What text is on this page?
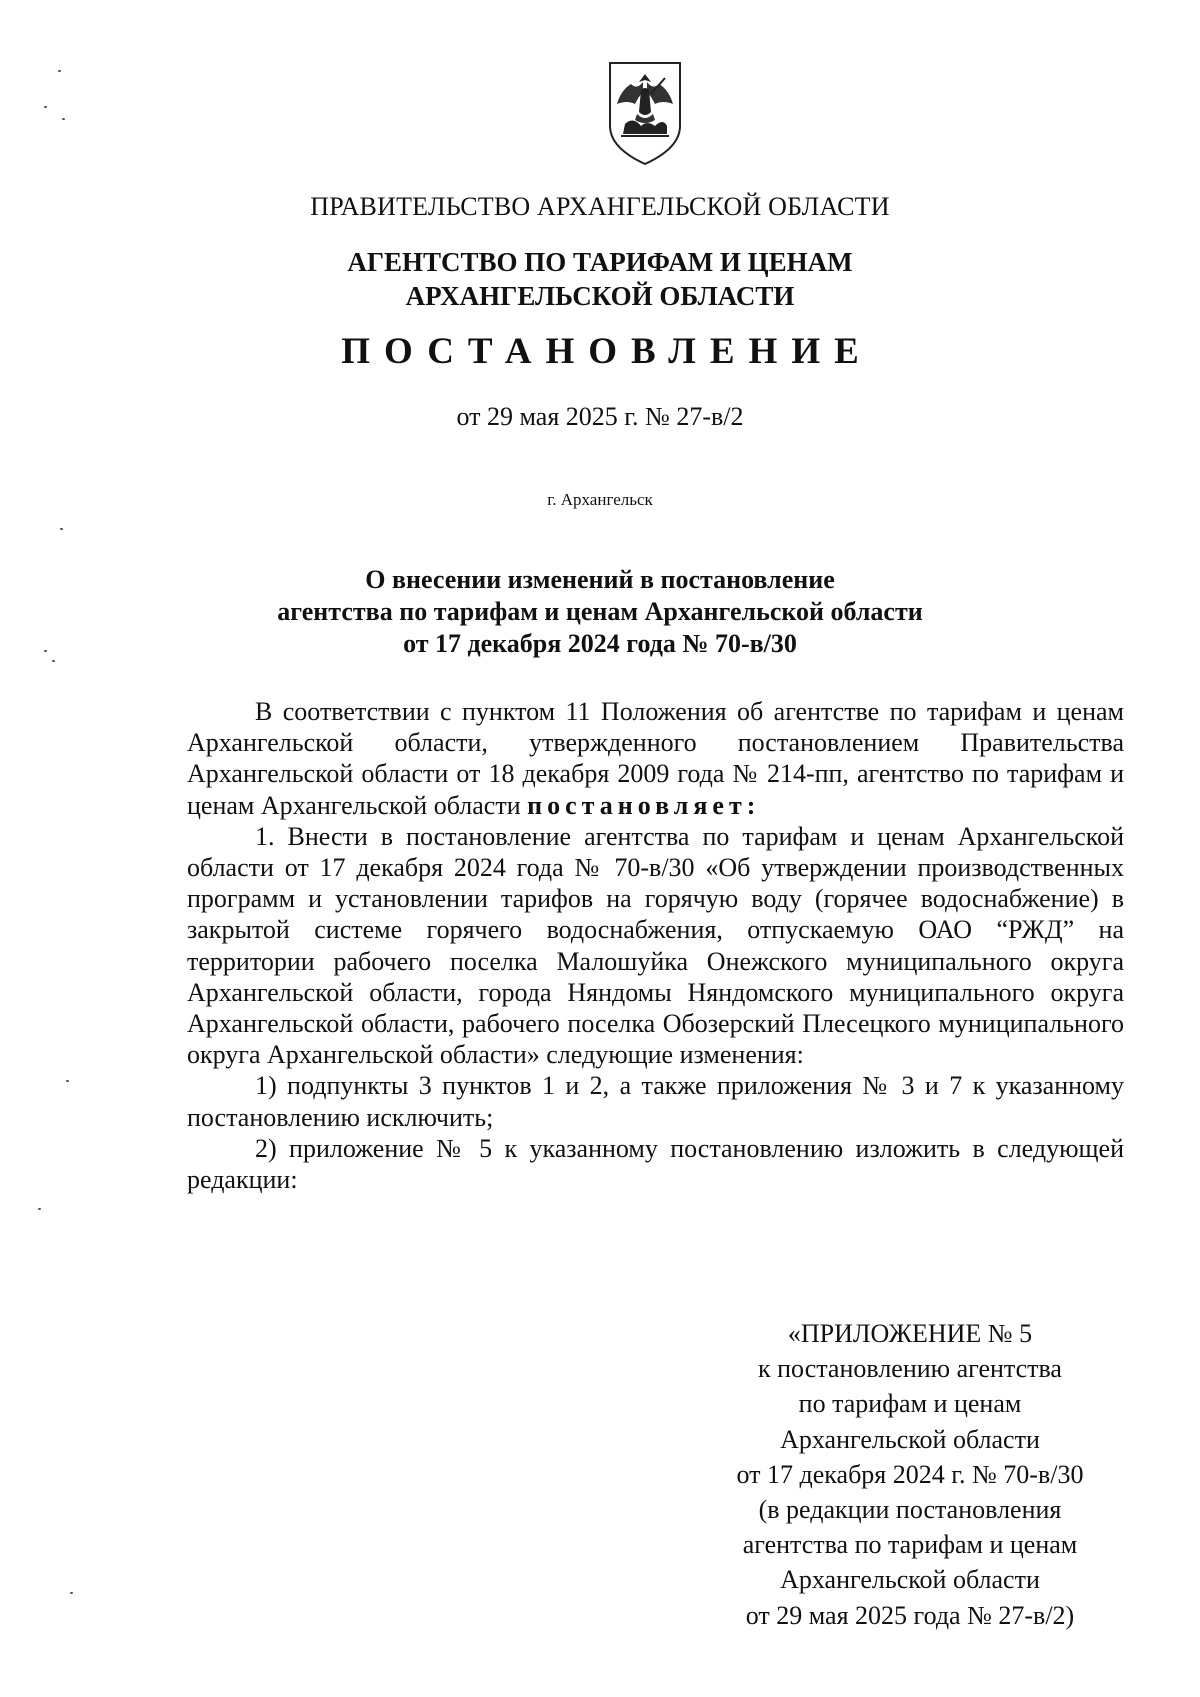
ПРАВИТЕЛЬСТВО АРХАНГЕЛЬСКОЙ ОБЛАСТИ
АГЕНТСТВО ПО ТАРИФАМ И ЦЕНАМ
АРХАНГЕЛЬСКОЙ ОБЛАСТИ
ПОСТАНОВЛЕНИЕ
от 29 мая 2025 г. № 27-в/2
г. Архангельск
О внесении изменений в постановление
агентства по тарифам и ценам Архангельской области
от 17 декабря 2024 года № 70-в/30

В соответствии с пунктом 11 Положения об агентстве по тарифам и ценам Архангельской области, утвержденного постановлением Правительства Архангельской области от 18 декабря 2009 года № 214-пп, агентство по тарифам и ценам Архангельской области постановляет:

1. Внести в постановление агентства по тарифам и ценам Архангельской области от 17 декабря 2024 года № 70-в/30 «Об утверждении производственных программ и установлении тарифов на горячую воду (горячее водоснабжение) в закрытой системе горячего водоснабжения, отпускаемую ОАО “РЖД” на территории рабочего поселка Малошуйка Онежского муниципального округа Архангельской области, города Няндомы Няндомского муниципального округа Архангельской области, рабочего поселка Обозерский Плесецкого муниципального округа Архангельской области» следующие изменения:

1) подпункты 3 пунктов 1 и 2, а также приложения № 3 и 7 к указанному постановлению исключить;

2) приложение № 5 к указанному постановлению изложить в следующей редакции:

«ПРИЛОЖЕНИЕ № 5
к постановлению агентства
по тарифам и ценам
Архангельской области
от 17 декабря 2024 г. № 70-в/30
(в редакции постановления
агентства по тарифам и ценам
Архангельской области
от 29 мая 2025 года № 27-в/2)
